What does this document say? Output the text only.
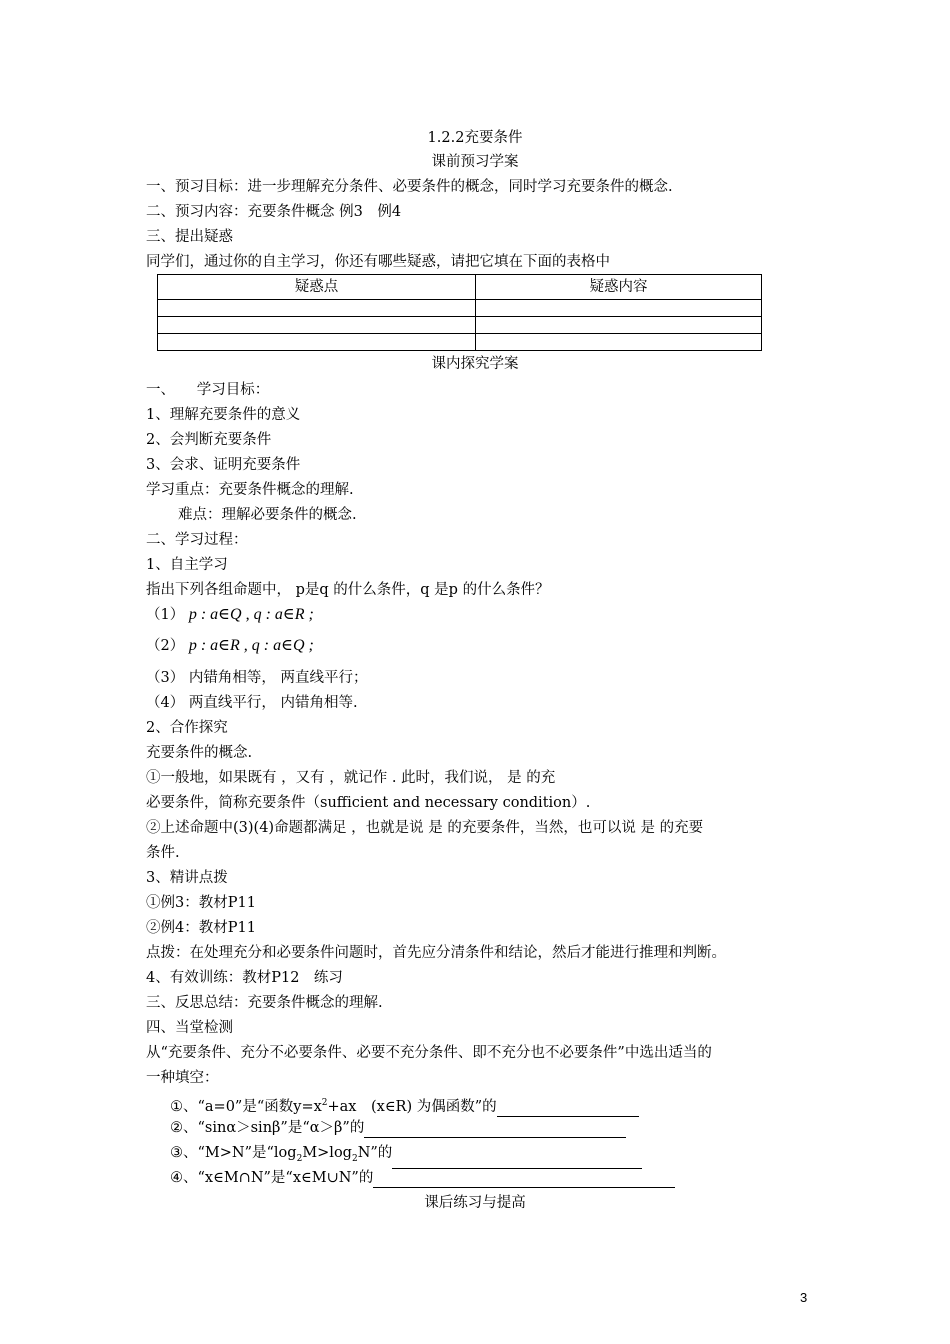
1.2.2充要条件
课前预习学案
一、预习目标：进一步理解充分条件、必要条件的概念，同时学习充要条件的概念.
二、预习内容：充要条件概念 例3　例4
三、提出疑惑
同学们，通过你的自主学习，你还有哪些疑惑，请把它填在下面的表格中
疑惑点	疑惑内容

课内探究学案
一、　　学习目标：
1、理解充要条件的意义
2、会判断充要条件
3、会求、证明充要条件
学习重点：充要条件概念的理解.
难点：理解必要条件的概念.
二、学习过程：
1、自主学习
指出下列各组命题中， p是q 的什么条件，q 是p 的什么条件？
（1） p : a∈Q , q : a∈R ;
（2） p : a∈R , q : a∈Q ;
（3） 内错角相等， 两直线平行；
（4） 两直线平行， 内错角相等.
2、合作探究
充要条件的概念.
①一般地，如果既有 ，又有 ，就记作 . 此时，我们说， 是 的充
必要条件，简称充要条件（sufficient and necessary condition）.
②上述命题中(3)(4)命题都满足 ，也就是说 是 的充要条件，当然，也可以说 是 的充要
条件.
3、精讲点拨
①例3：教材P11
②例4：教材P11
点拨：在处理充分和必要条件问题时，首先应分清条件和结论，然后才能进行推理和判断。
4、有效训练：教材P12　练习
三、反思总结：充要条件概念的理解.
四、当堂检测
从“充要条件、充分不必要条件、必要不充分条件、即不充分也不必要条件”中选出适当的
一种填空：
①、“a=0”是“函数$y=x^2+ax$　(x∈R) 为偶函数”的
②、“sinα＞sinβ”是“α＞β”的
③、“M>N”是“$\log_2M>\log_2N$”的
④、“x∈M∩N”是“x∈M∪N”的
课后练习与提高
3
